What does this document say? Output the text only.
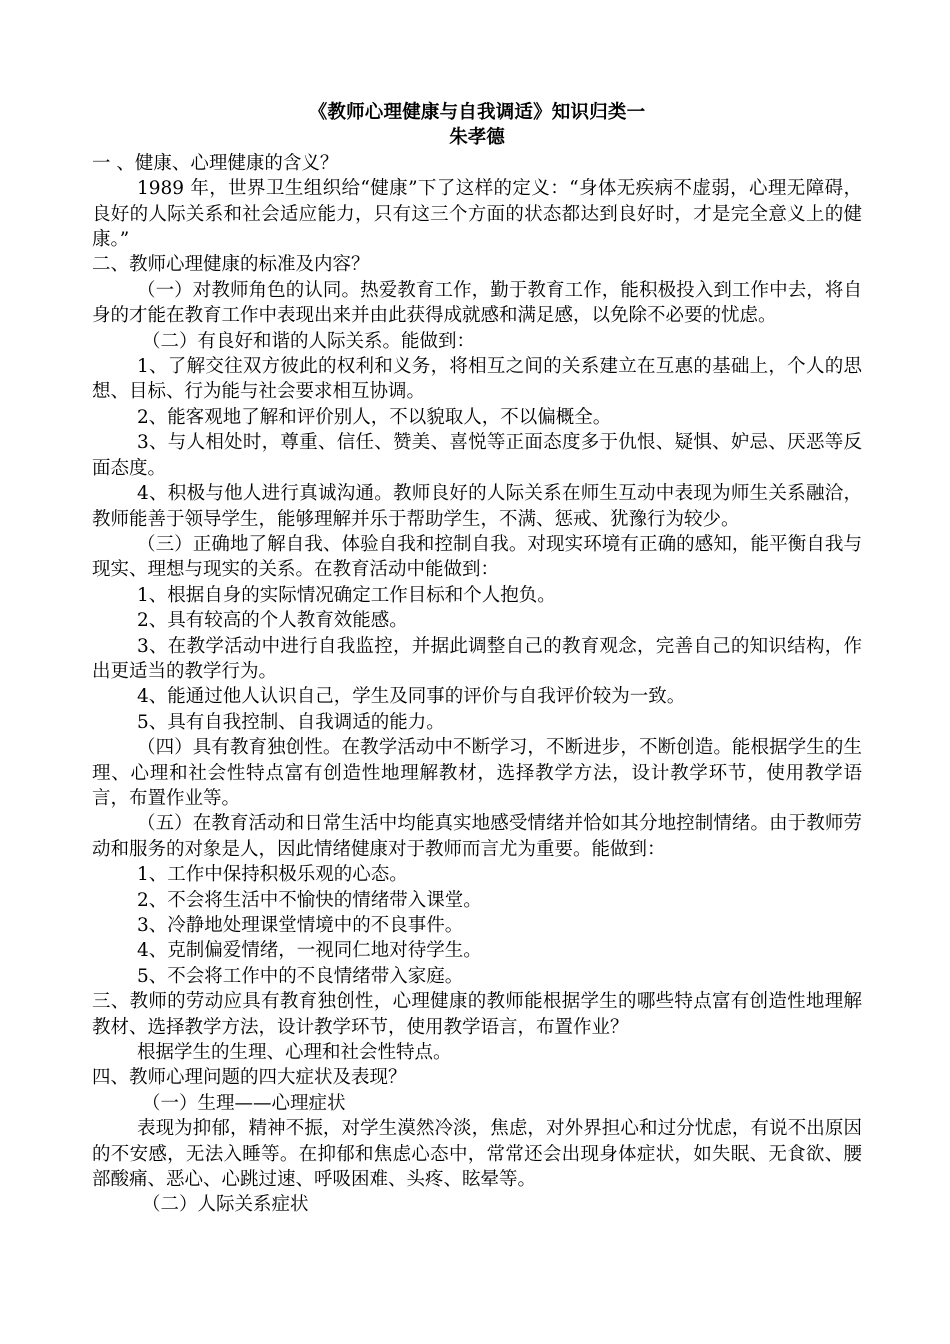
《教师心理健康与自我调适》知识归类一

朱孝德

一 、健康、心理健康的含义？

1989 年，世界卫生组织给“健康”下了这样的定义：“身体无疾病不虚弱，心理无障碍，良好的人际关系和社会适应能力，只有这三个方面的状态都达到良好时，才是完全意义上的健康。”

二、教师心理健康的标准及内容？

（一）对教师角色的认同。热爱教育工作，勤于教育工作，能积极投入到工作中去，将自身的才能在教育工作中表现出来并由此获得成就感和满足感，以免除不必要的忧虑。

（二）有良好和谐的人际关系。能做到：

1、了解交往双方彼此的权利和义务，将相互之间的关系建立在互惠的基础上，个人的思想、目标、行为能与社会要求相互协调。

2、能客观地了解和评价别人，不以貌取人，不以偏概全。

3、与人相处时，尊重、信任、赞美、喜悦等正面态度多于仇恨、疑惧、妒忌、厌恶等反面态度。

4、积极与他人进行真诚沟通。教师良好的人际关系在师生互动中表现为师生关系融洽，教师能善于领导学生，能够理解并乐于帮助学生，不满、惩戒、犹豫行为较少。

（三）正确地了解自我、体验自我和控制自我。对现实环境有正确的感知，能平衡自我与现实、理想与现实的关系。在教育活动中能做到：

1、根据自身的实际情况确定工作目标和个人抱负。

2、具有较高的个人教育效能感。

3、在教学活动中进行自我监控，并据此调整自己的教育观念，完善自己的知识结构，作出更适当的教学行为。

4、能通过他人认识自己，学生及同事的评价与自我评价较为一致。

5、具有自我控制、自我调适的能力。

（四）具有教育独创性。在教学活动中不断学习，不断进步，不断创造。能根据学生的生理、心理和社会性特点富有创造性地理解教材，选择教学方法，设计教学环节，使用教学语言，布置作业等。

（五）在教育活动和日常生活中均能真实地感受情绪并恰如其分地控制情绪。由于教师劳动和服务的对象是人，因此情绪健康对于教师而言尤为重要。能做到：

1、工作中保持积极乐观的心态。

2、不会将生活中不愉快的情绪带入课堂。

3、冷静地处理课堂情境中的不良事件。

4、克制偏爱情绪，一视同仁地对待学生。

5、不会将工作中的不良情绪带入家庭。

三、教师的劳动应具有教育独创性，心理健康的教师能根据学生的哪些特点富有创造性地理解教材、选择教学方法，设计教学环节，使用教学语言，布置作业？

根据学生的生理、心理和社会性特点。

四、教师心理问题的四大症状及表现？

（一）生理——心理症状

表现为抑郁，精神不振，对学生漠然冷淡，焦虑，对外界担心和过分忧虑，有说不出原因的不安感，无法入睡等。在抑郁和焦虑心态中，常常还会出现身体症状，如失眠、无食欲、腰部酸痛、恶心、心跳过速、呼吸困难、头疼、眩晕等。

（二）人际关系症状
